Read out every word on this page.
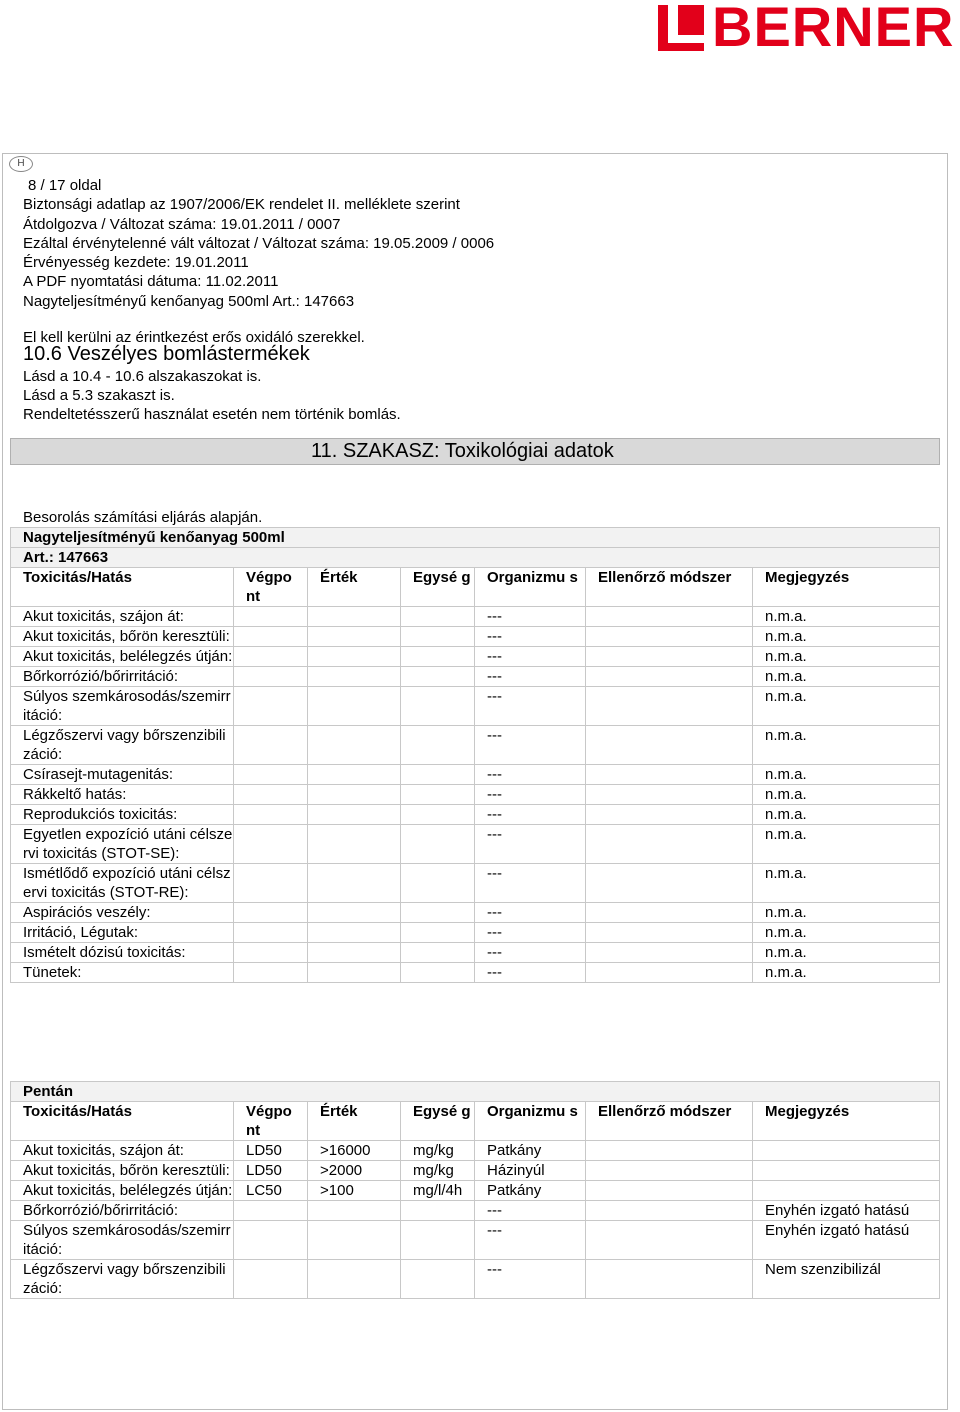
BERNER
H
8 / 17 oldal
Biztonsági adatlap az 1907/2006/EK rendelet II. melléklete szerint
Átdolgozva / Változat száma: 19.01.2011 / 0007
Ezáltal érvénytelenné vált változat / Változat száma: 19.05.2009 / 0006
Érvényesség kezdete: 19.01.2011
A PDF nyomtatási dátuma: 11.02.2011
Nagyteljesítményű kenőanyag 500ml Art.: 147663
El kell kerülni az érintkezést erős oxidáló szerekkel.
10.6 Veszélyes bomlástermékek
Lásd a 10.4 - 10.6 alszakaszokat is.
Lásd a 5.3 szakaszt is.
Rendeltetésszerű használat esetén nem történik bomlás.
11. SZAKASZ: Toxikológiai adatok
Besorolás számítási eljárás alapján.
Nagyteljesítményű kenőanyag 500ml						
Art.: 147663						
Toxicitás/Hatás	Végpo nt	Érték	Egysé g	Organizmu s	Ellenőrző módszer	Megjegyzés
Akut toxicitás, szájon át:				---		n.m.a.
Akut toxicitás, bőrön keresztüli:				---		n.m.a.
Akut toxicitás, belélegzés útján:				---		n.m.a.
Bőrkorrózió/bőrirritáció:				---		n.m.a.
Súlyos szemkárosodás/szemirritáció:				---		n.m.a.
Légzőszervi vagy bőrszenzibilizáció:				---		n.m.a.
Csírasejt-mutagenitás:				---		n.m.a.
Rákkeltő hatás:				---		n.m.a.
Reprodukciós toxicitás:				---		n.m.a.
Egyetlen expozíció utáni célszervi toxicitás (STOT-SE):				---		n.m.a.
Ismétlődő expozíció utáni célszervi toxicitás (STOT-RE):				---		n.m.a.
Aspirációs veszély:				---		n.m.a.
Irritáció, Légutak:				---		n.m.a.
Ismételt dózisú toxicitás:				---		n.m.a.
Tünetek:				---		n.m.a.
Pentán						
Toxicitás/Hatás	Végpo nt	Érték	Egysé g	Organizmu s	Ellenőrző módszer	Megjegyzés
Akut toxicitás, szájon át:	LD50	>16000	mg/kg	Patkány		
Akut toxicitás, bőrön keresztüli:	LD50	>2000	mg/kg	Házinyúl		
Akut toxicitás, belélegzés útján:	LC50	>100	mg/l/4h	Patkány		
Bőrkorrózió/bőrirritáció:				---		Enyhén izgató hatású
Súlyos szemkárosodás/szemirritáció:				---		Enyhén izgató hatású
Légzőszervi vagy bőrszenzibilizáció:				---		Nem szenzibilizál
